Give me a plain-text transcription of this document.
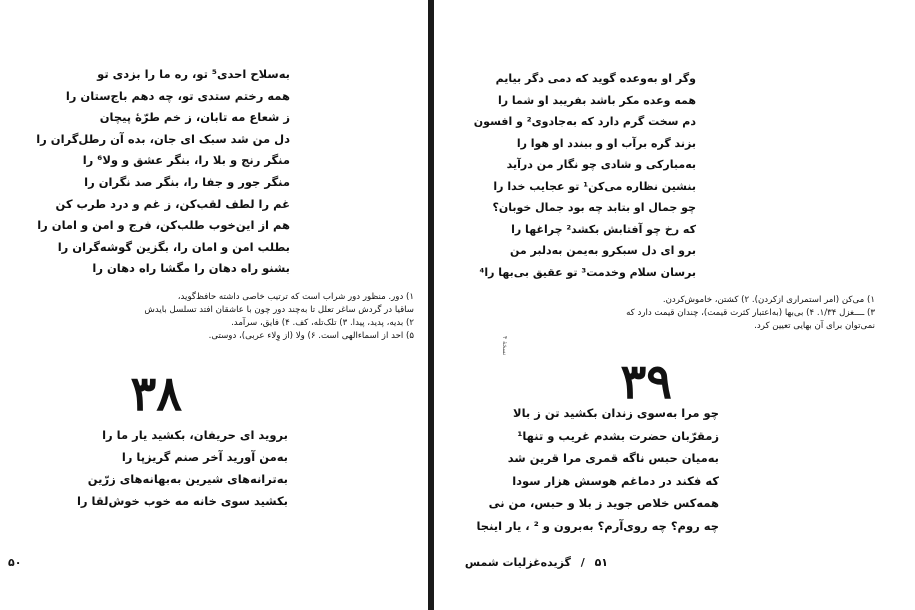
به‌سلاح احدی⁵ تو، ره ما را بزدی تو
همه رختم ستدی تو، چه دهم باج‌ستان را
ز شعاع مه تابان، ز خم طرّهٔ پیچان
دل من شد سبک ای جان، بده آن رطل‌گران را
منگر رنج و بلا را، بنگر عشق و ولا⁶ را
منگر جور و جفا را، بنگر صد نگران را
غم را لطف لقب‌کن، ز غم و درد طرب کن
هم از این‌خوب طلب‌کن، فرج و امن و امان را
بطلب امن و امان را، بگزین گوشه‌گران را
بشنو راه دهان را مگشا راه دهان را
۱) دور. منظور دور شراب است که ترتیب خاصی داشته حافظ‌گوید،
ساقیا در گردش ساغر تعلل تا به‌چند دور چون با عاشقان افتد تسلسل بایدش
۲) بدیه، پدید، پیدا. ۳) تلک‌تله، کف. ۴) فایق، سرآمد.
۵) احد از اسماءالهی است. ۶) ولا (از وِلاء عربی)، دوستی.
۳۸
بروید ای حریفان، بکشید یار ما را
به‌من آورید آخر صنم گریزپا را
به‌ترانه‌های شیرین به‌بهانه‌های زرّین
بکشید سوی خانه مه خوب خوش‌لقا را
۵۰
وگر او به‌وعده گوید که دمی دگر بیایم
همه وعده مکر باشد بفریبد او شما را
دم سخت گرم دارد که به‌جادوی² و افسون
بزند گره برآب او و ببندد او هوا را
به‌مبارکی و شادی چو نگار من درآید
بنشین نظاره می‌کن¹ تو عجایب خدا را
چو جمال او بتابد چه بود جمال خوبان؟
که رخ چو آفتابش بکشد² چراغها را
برو ای دل سبکرو به‌یمن به‌دلبر من
برسان سلام وخدمت³ تو عقیق بی‌بها را⁴
نسخهٔ ۴
۱) می‌کن (امر استمراری ازکردن). ۲) کشتن، خاموش‌کردن.
۳) ــــغزل ۱/۳۴. ۴) بی‌بها (به‌اعتبار کثرت قیمت)، چندان قیمت دارد که
نمی‌توان برای آن بهایی تعیین کرد.
۳۹
چو مرا به‌سوی زندان بکشید تن ز بالا
زمقرّبان حضرت بشدم غریب و تنها¹
به‌میان حبس ناگه قمری مرا قرین شد
که فکند در دماغم هوسش هزار سودا
همه‌کس خلاص جوید ز بلا و حبس، من نی
چه روم؟ چه روی‌آرم؟ به‌برون و ² ، یار اینجا
۵۱ / گزیده‌غزلیات شمس
